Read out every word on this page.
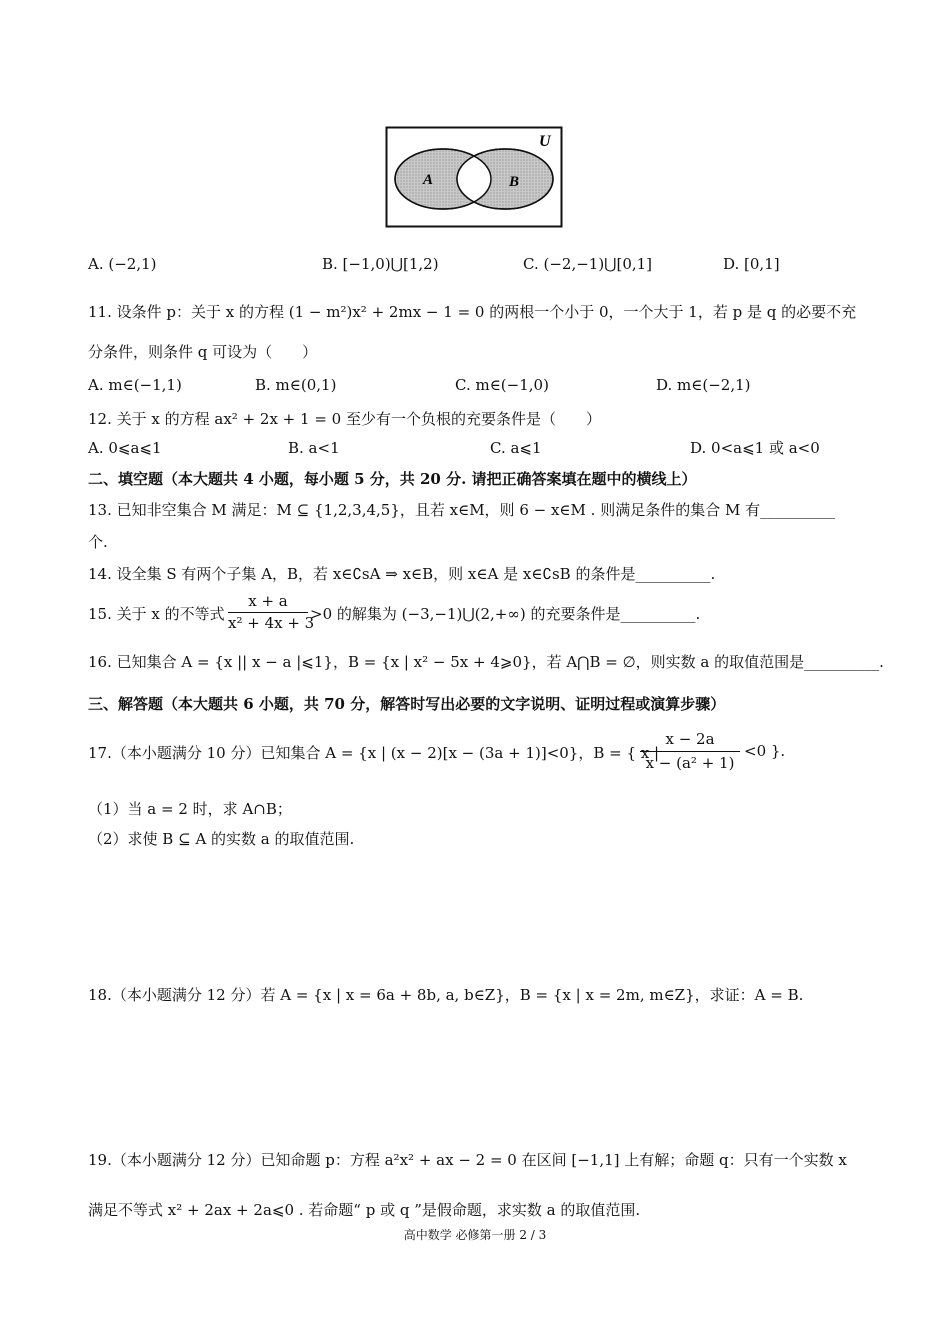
U
A	B
A. (−2,1)	B. [−1,0)⋃[1,2)	C. (−2,−1)⋃[0,1]	D. [0,1]
11. 设条件 p：关于 x 的方程 (1 − m²)x² + 2mx − 1 = 0 的两根一个小于 0，一个大于 1，若 p 是 q 的必要不充
分条件，则条件 q 可设为（　　）
A. m∈(−1,1)	B. m∈(0,1)	C. m∈(−1,0)	D. m∈(−2,1)
12. 关于 x 的方程 ax² + 2x + 1 = 0 至少有一个负根的充要条件是（　　）
A. 0⩽a⩽1	B. a<1	C. a⩽1	D. 0<a⩽1 或 a<0
二、填空题（本大题共 4 小题，每小题 5 分，共 20 分. 请把正确答案填在题中的横线上）
13. 已知非空集合 M 满足：M ⊆ {1,2,3,4,5}，且若 x∈M，则 6 − x∈M . 则满足条件的集合 M 有__________
个.
14. 设全集 S 有两个子集 A，B，若 x∈∁sA ⇒ x∈B，则 x∈A 是 x∈∁sB 的条件是__________.
15. 关于 x 的不等式
x + a
x² + 4x + 3
>0 的解集为 (−3,−1)⋃(2,+∞) 的充要条件是__________.
16. 已知集合 A = {x || x − a |⩽1}，B = {x | x² − 5x + 4⩾0}，若 A⋂B = ∅，则实数 a 的取值范围是__________.
三、解答题（本大题共 6 小题，共 70 分，解答时写出必要的文字说明、证明过程或演算步骤）
17.（本小题满分 10 分）已知集合 A = {x | (x − 2)[x − (3a + 1)]<0}，B = { x |
x − 2a
x − (a² + 1)
<0 }.
（1）当 a = 2 时，求 A∩B；
（2）求使 B ⊆ A 的实数 a 的取值范围.
18.（本小题满分 12 分）若 A = {x | x = 6a + 8b, a, b∈Z}，B = {x | x = 2m, m∈Z}，求证：A = B.
19.（本小题满分 12 分）已知命题 p：方程 a²x² + ax − 2 = 0 在区间 [−1,1] 上有解；命题 q：只有一个实数 x
满足不等式 x² + 2ax + 2a⩽0 . 若命题“ p 或 q ”是假命题，求实数 a 的取值范围.
高中数学 必修第一册 2 / 3
